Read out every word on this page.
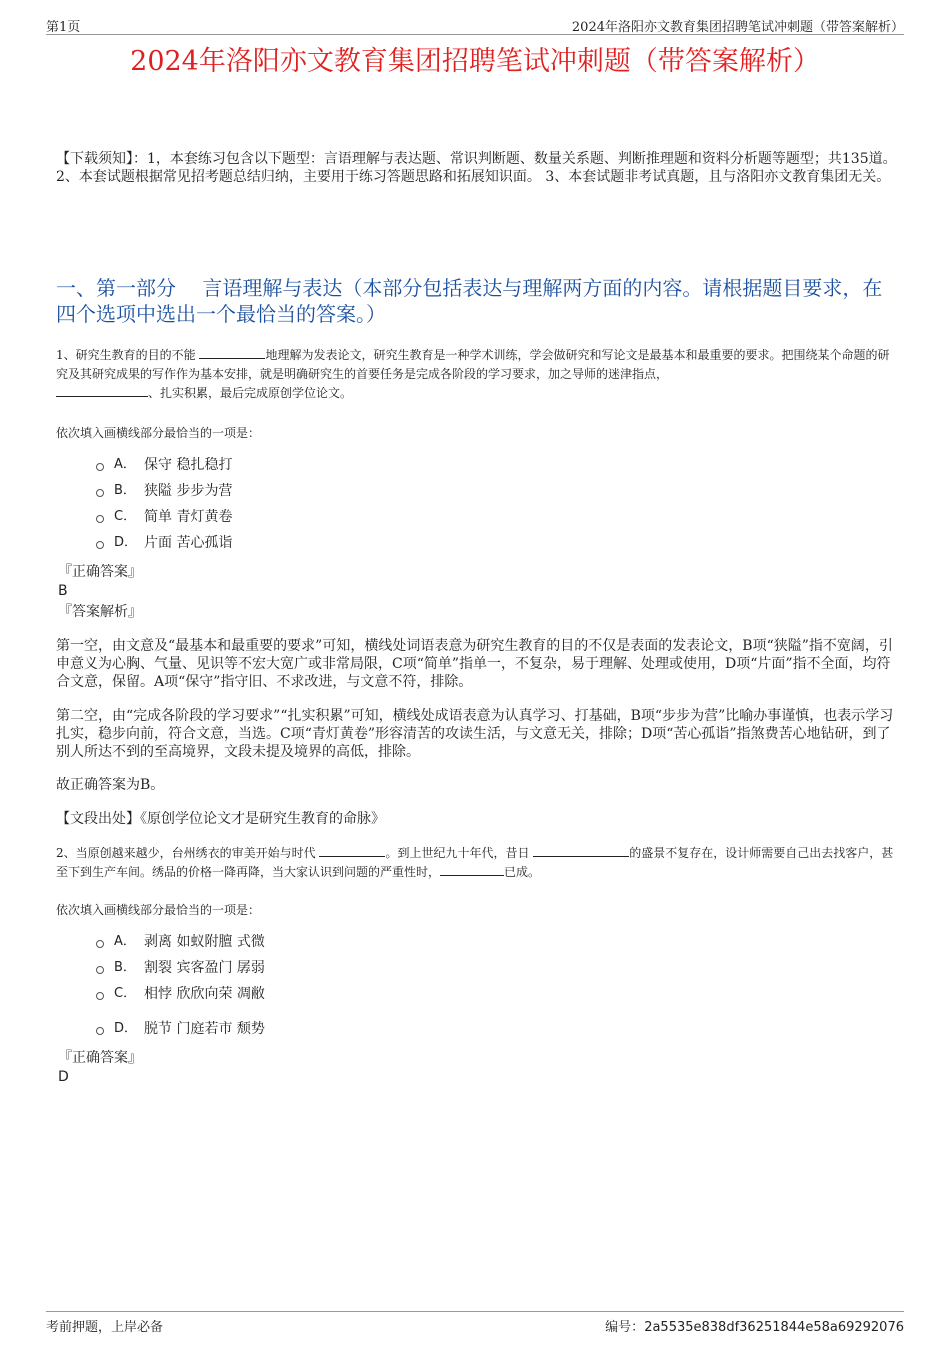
第1页	2024年洛阳亦文教育集团招聘笔试冲刺题（带答案解析）
2024年洛阳亦文教育集团招聘笔试冲刺题（带答案解析）
【下载须知】：1，本套练习包含以下题型：言语理解与表达题、常识判断题、数量关系题、判断推理题和资料分析题等题型；共135道。 2、本套试题根据常见招考题总结归纳，主要用于练习答题思路和拓展知识面。 3、本套试题非考试真题，且与洛阳亦文教育集团无关。
一、第一部分　 言语理解与表达（本部分包括表达与理解两方面的内容。请根据题目要求，在四个选项中选出一个最恰当的答案。）
1、研究生教育的目的不能	地理解为发表论文，研究生教育是一种学术训练，学会做研究和写论文是最基本和最重要的要求。把围绕某个命题的研究及其研究成果的写作作为基本安排，就是明确研究生的首要任务是完成各阶段的学习要求，加之导师的迷津指点，
、扎实积累，最后完成原创学位论文。
依次填入画横线部分最恰当的一项是：
A． 保守 稳扎稳打
B． 狭隘 步步为营
C． 简单 青灯黄卷
D． 片面 苦心孤诣
『正确答案』
B
『答案解析』
第一空，由文意及“最基本和最重要的要求”可知，横线处词语表意为研究生教育的目的不仅是表面的发表论文，B项“狭隘”指不宽阔，引申意义为心胸、气量、见识等不宏大宽广或非常局限，C项“简单”指单一，不复杂，易于理解、处理或使用，D项“片面”指不全面，均符合文意，保留。A项“保守”指守旧、不求改进，与文意不符，排除。
第二空，由“完成各阶段的学习要求”“扎实积累”可知，横线处成语表意为认真学习、打基础，B项“步步为营”比喻办事谨慎，也表示学习扎实，稳步向前，符合文意，当选。C项“青灯黄卷”形容清苦的攻读生活，与文意无关，排除；D项“苦心孤诣”指煞费苦心地钻研，到了别人所达不到的至高境界，文段未提及境界的高低，排除。
故正确答案为B。
【文段出处】《原创学位论文才是研究生教育的命脉》
2、当原创越来越少，台州绣衣的审美开始与时代	。到上世纪九十年代，昔日	的盛景不复存在，设计师需要自己出去找客户，甚至下到生产车间。绣品的价格一降再降，当大家认识到问题的严重性时，	已成。
依次填入画横线部分最恰当的一项是：
A． 剥离 如蚁附膻 式微
B． 割裂 宾客盈门 孱弱
C． 相悖 欣欣向荣 凋敝
D． 脱节 门庭若市 颓势
『正确答案』
D
考前押题，上岸必备	编号：2a5535e838df36251844e58a69292076
